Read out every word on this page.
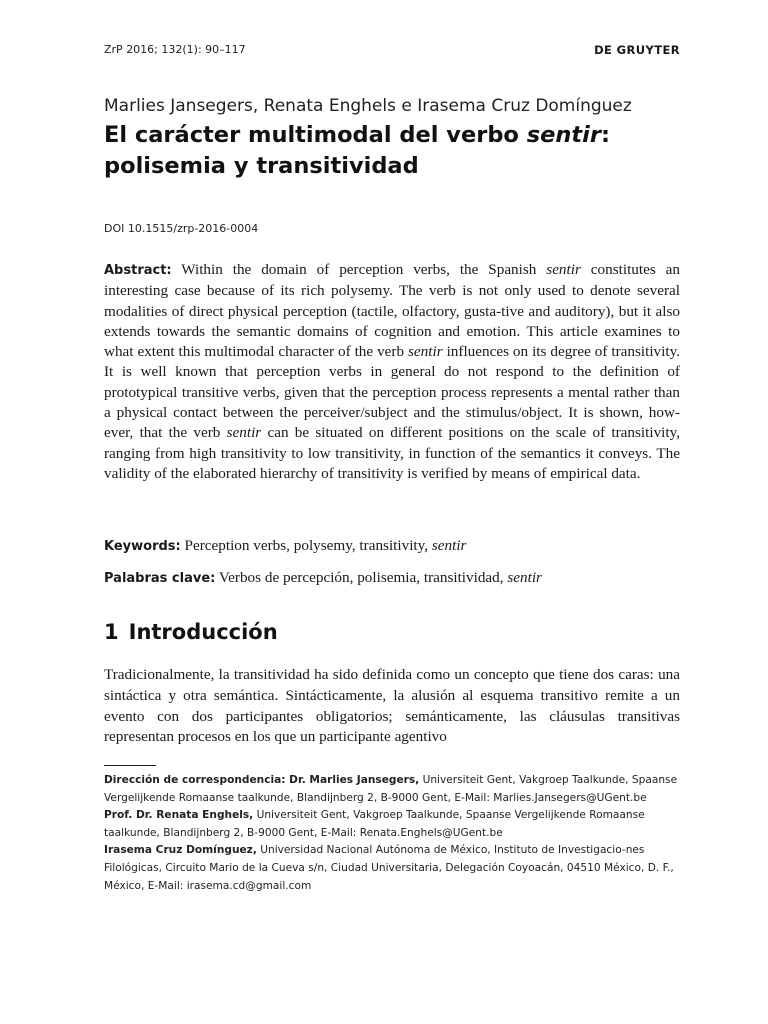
ZrP 2016; 132(1): 90–117	DE GRUYTER
Marlies Jansegers, Renata Enghels e Irasema Cruz Domínguez
El carácter multimodal del verbo sentir:
polisemia y transitividad
DOI 10.1515/zrp-2016-0004
Abstract: Within the domain of perception verbs, the Spanish sentir constitutes an interesting case because of its rich polysemy. The verb is not only used to denote several modalities of direct physical perception (tactile, olfactory, gusta-tive and auditory), but it also extends towards the semantic domains of cognition and emotion. This article examines to what extent this multimodal character of the verb sentir influences on its degree of transitivity. It is well known that perception verbs in general do not respond to the definition of prototypical transitive verbs, given that the perception process represents a mental rather than a physical contact between the perceiver/subject and the stimulus/object. It is shown, how-ever, that the verb sentir can be situated on different positions on the scale of transitivity, ranging from high transitivity to low transitivity, in function of the semantics it conveys. The validity of the elaborated hierarchy of transitivity is verified by means of empirical data.
Keywords: Perception verbs, polysemy, transitivity, sentir
Palabras clave: Verbos de percepción, polisemia, transitividad, sentir
1 Introducción
Tradicionalmente, la transitividad ha sido definida como un concepto que tiene dos caras: una sintáctica y otra semántica. Sintácticamente, la alusión al esquema transitivo remite a un evento con dos participantes obligatorios; semánticamente, las cláusulas transitivas representan procesos en los que un participante agentivo

Dirección de correspondencia: Dr. Marlies Jansegers, Universiteit Gent, Vakgroep Taalkunde, Spaanse Vergelijkende Romaanse taalkunde, Blandijnberg 2, B-9000 Gent, E-Mail: Marlies.Jansegers@UGent.be

Prof. Dr. Renata Enghels, Universiteit Gent, Vakgroep Taalkunde, Spaanse Vergelijkende Romaanse taalkunde, Blandijnberg 2, B-9000 Gent, E-Mail: Renata.Enghels@UGent.be

Irasema Cruz Domínguez, Universidad Nacional Autónoma de México, Instituto de Investigacio-nes Filológicas, Circuito Mario de la Cueva s/n, Ciudad Universitaria, Delegación Coyoacán, 04510 México, D. F., México, E-Mail: irasema.cd@gmail.com
